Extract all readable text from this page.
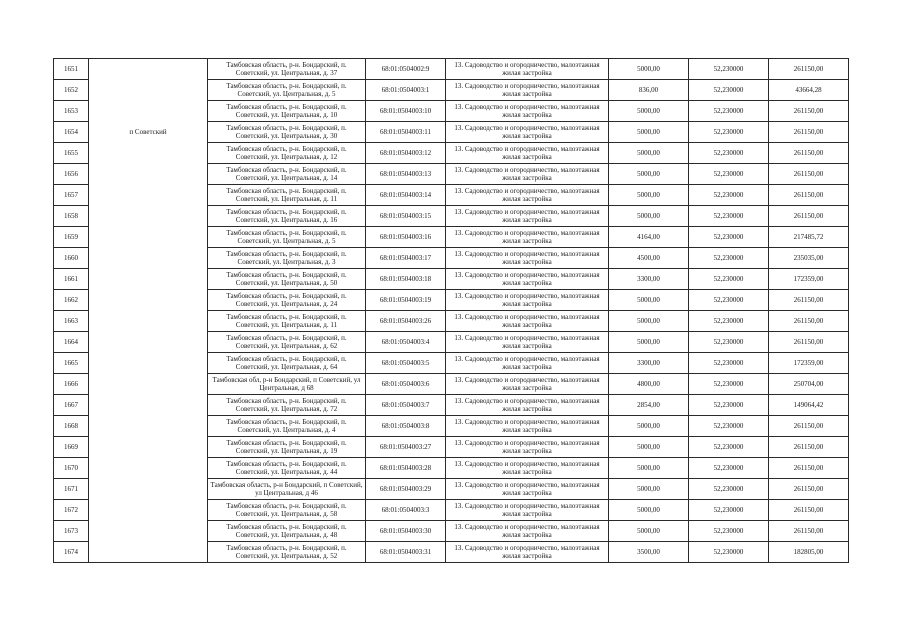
1651		Тамбовская область, р-н. Бондарский, п. Советский, ул. Центральная, д. 37	68:01:0504002:9	13. Садоводство и огородничество, малоэтажная жилая застройка	5000,00	52,230000	261150,00
1652		Тамбовская область, р-н. Бондарский, п. Советский, ул. Центральная, д. 5	68:01:0504003:1	13. Садоводство и огородничество, малоэтажная жилая застройка	836,00	52,230000	43664,28
1653		Тамбовская область, р-н. Бондарский, п. Советский, ул. Центральная, д. 10	68:01:0504003:10	13. Садоводство и огородничество, малоэтажная жилая застройка	5000,00	52,230000	261150,00
1654	п Советский	Тамбовская область, р-н. Бондарский, п. Советский, ул. Центральная, д. 30	68:01:0504003:11	13. Садоводство и огородничество, малоэтажная жилая застройка	5000,00	52,230000	261150,00
1655		Тамбовская область, р-н. Бондарский, п. Советский, ул. Центральная, д. 12	68:01:0504003:12	13. Садоводство и огородничество, малоэтажная жилая застройка	5000,00	52,230000	261150,00
1656		Тамбовская область, р-н. Бондарский, п. Советский, ул. Центральная, д. 14	68:01:0504003:13	13. Садоводство и огородничество, малоэтажная жилая застройка	5000,00	52,230000	261150,00
1657		Тамбовская область, р-н. Бондарский, п. Советский, ул. Центральная, д. 11	68:01:0504003:14	13. Садоводство и огородничество, малоэтажная жилая застройка	5000,00	52,230000	261150,00
1658		Тамбовская область, р-н. Бондарский, п. Советский, ул. Центральная, д. 16	68:01:0504003:15	13. Садоводство и огородничество, малоэтажная жилая застройка	5000,00	52,230000	261150,00
1659		Тамбовская область, р-н. Бондарский, п. Советский, ул. Центральная, д. 5	68:01:0504003:16	13. Садоводство и огородничество, малоэтажная жилая застройка	4164,00	52,230000	217485,72
1660		Тамбовская область, р-н. Бондарский, п. Советский, ул. Центральная, д. 3	68:01:0504003:17	13. Садоводство и огородничество, малоэтажная жилая застройка	4500,00	52,230000	235035,00
1661		Тамбовская область, р-н. Бондарский, п. Советский, ул. Центральная, д. 50	68:01:0504003:18	13. Садоводство и огородничество, малоэтажная жилая застройка	3300,00	52,230000	172359,00
1662		Тамбовская область, р-н. Бондарский, п. Советский, ул. Центральная, д. 24	68:01:0504003:19	13. Садоводство и огородничество, малоэтажная жилая застройка	5000,00	52,230000	261150,00
1663		Тамбовская область, р-н. Бондарский, п. Советский, ул. Центральная, д. 11	68:01:0504003:26	13. Садоводство и огородничество, малоэтажная жилая застройка	5000,00	52,230000	261150,00
1664		Тамбовская область, р-н. Бондарский, п. Советский, ул. Центральная, д. 62	68:01:0504003:4	13. Садоводство и огородничество, малоэтажная жилая застройка	5000,00	52,230000	261150,00
1665		Тамбовская область, р-н. Бондарский, п. Советский, ул. Центральная, д. 64	68:01:0504003:5	13. Садоводство и огородничество, малоэтажная жилая застройка	3300,00	52,230000	172359,00
1666		Тамбовская обл, р-н Бондарский, п Советский, ул Центральная, д 68	68:01:0504003:6	13. Садоводство и огородничество, малоэтажная жилая застройка	4800,00	52,230000	250704,00
1667		Тамбовская область, р-н. Бондарский, п. Советский, ул. Центральная, д. 72	68:01:0504003:7	13. Садоводство и огородничество, малоэтажная жилая застройка	2854,00	52,230000	149064,42
1668		Тамбовская область, р-н. Бондарский, п. Советский, ул. Центральная, д. 4	68:01:0504003:8	13. Садоводство и огородничество, малоэтажная жилая застройка	5000,00	52,230000	261150,00
1669		Тамбовская область, р-н. Бондарский, п. Советский, ул. Центральная, д. 19	68:01:0504003:27	13. Садоводство и огородничество, малоэтажная жилая застройка	5000,00	52,230000	261150,00
1670		Тамбовская область, р-н. Бондарский, п. Советский, ул. Центральная, д. 44	68:01:0504003:28	13. Садоводство и огородничество, малоэтажная жилая застройка	5000,00	52,230000	261150,00
1671		Тамбовская область, р-н Бондарский, п Советский, ул Центральная, д 46	68:01:0504003:29	13. Садоводство и огородничество, малоэтажная жилая застройка	5000,00	52,230000	261150,00
1672		Тамбовская область, р-н. Бондарский, п. Советский, ул. Центральная, д. 58	68:01:0504003:3	13. Садоводство и огородничество, малоэтажная жилая застройка	5000,00	52,230000	261150,00
1673		Тамбовская область, р-н. Бондарский, п. Советский, ул. Центральная, д. 48	68:01:0504003:30	13. Садоводство и огородничество, малоэтажная жилая застройка	5000,00	52,230000	261150,00
1674		Тамбовская область, р-н. Бондарский, п. Советский, ул. Центральная, д. 52	68:01:0504003:31	13. Садоводство и огородничество, малоэтажная жилая застройка	3500,00	52,230000	182805,00
